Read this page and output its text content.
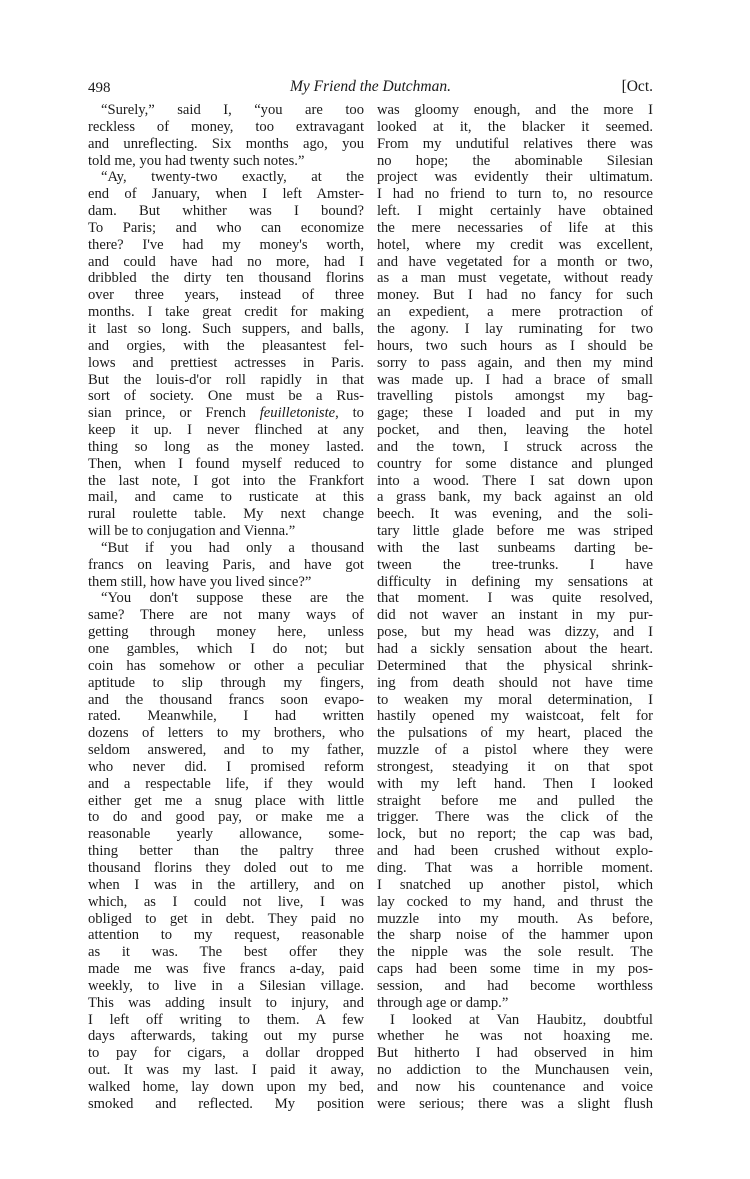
498	My Friend the Dutchman.	[Oct.
“Surely,” said I, “you are too
reckless of money, too extravagant
and unreflecting. Six months ago, you
told me, you had twenty such notes.”
“Ay, twenty-two exactly, at the
end of January, when I left Amster-
dam. But whither was I bound?
To Paris; and who can economize
there? I've had my money's worth,
and could have had no more, had I
dribbled the dirty ten thousand florins
over three years, instead of three
months. I take great credit for making
it last so long. Such suppers, and balls,
and orgies, with the pleasantest fel-
lows and prettiest actresses in Paris.
But the louis-d'or roll rapidly in that
sort of society. One must be a Rus-
sian prince, or French feuilletoniste, to
keep it up. I never flinched at any
thing so long as the money lasted.
Then, when I found myself reduced to
the last note, I got into the Frankfort
mail, and came to rusticate at this
rural roulette table. My next change
will be to conjugation and Vienna.”
“But if you had only a thousand
francs on leaving Paris, and have got
them still, how have you lived since?”
“You don't suppose these are the
same? There are not many ways of
getting through money here, unless
one gambles, which I do not; but
coin has somehow or other a peculiar
aptitude to slip through my fingers,
and the thousand francs soon evapo-
rated. Meanwhile, I had written
dozens of letters to my brothers, who
seldom answered, and to my father,
who never did. I promised reform
and a respectable life, if they would
either get me a snug place with little
to do and good pay, or make me a
reasonable yearly allowance, some-
thing better than the paltry three
thousand florins they doled out to me
when I was in the artillery, and on
which, as I could not live, I was
obliged to get in debt. They paid no
attention to my request, reasonable
as it was. The best offer they
made me was five francs a-day, paid
weekly, to live in a Silesian village.
This was adding insult to injury, and
I left off writing to them. A few
days afterwards, taking out my purse
to pay for cigars, a dollar dropped
out. It was my last. I paid it away,
walked home, lay down upon my bed,
smoked and reflected. My position
was gloomy enough, and the more I
looked at it, the blacker it seemed.
From my undutiful relatives there was
no hope; the abominable Silesian
project was evidently their ultimatum.
I had no friend to turn to, no resource
left. I might certainly have obtained
the mere necessaries of life at this
hotel, where my credit was excellent,
and have vegetated for a month or two,
as a man must vegetate, without ready
money. But I had no fancy for such
an expedient, a mere protraction of
the agony. I lay ruminating for two
hours, two such hours as I should be
sorry to pass again, and then my mind
was made up. I had a brace of small
travelling pistols amongst my bag-
gage; these I loaded and put in my
pocket, and then, leaving the hotel
and the town, I struck across the
country for some distance and plunged
into a wood. There I sat down upon
a grass bank, my back against an old
beech. It was evening, and the soli-
tary little glade before me was striped
with the last sunbeams darting be-
tween the tree-trunks. I have
difficulty in defining my sensations at
that moment. I was quite resolved,
did not waver an instant in my pur-
pose, but my head was dizzy, and I
had a sickly sensation about the heart.
Determined that the physical shrink-
ing from death should not have time
to weaken my moral determination, I
hastily opened my waistcoat, felt for
the pulsations of my heart, placed the
muzzle of a pistol where they were
strongest, steadying it on that spot
with my left hand. Then I looked
straight before me and pulled the
trigger. There was the click of the
lock, but no report; the cap was bad,
and had been crushed without explo-
ding. That was a horrible moment.
I snatched up another pistol, which
lay cocked to my hand, and thrust the
muzzle into my mouth. As before,
the sharp noise of the hammer upon
the nipple was the sole result. The
caps had been some time in my pos-
session, and had become worthless
through age or damp.”
I looked at Van Haubitz, doubtful
whether he was not hoaxing me.
But hitherto I had observed in him
no addiction to the Munchausen vein,
and now his countenance and voice
were serious; there was a slight flush
